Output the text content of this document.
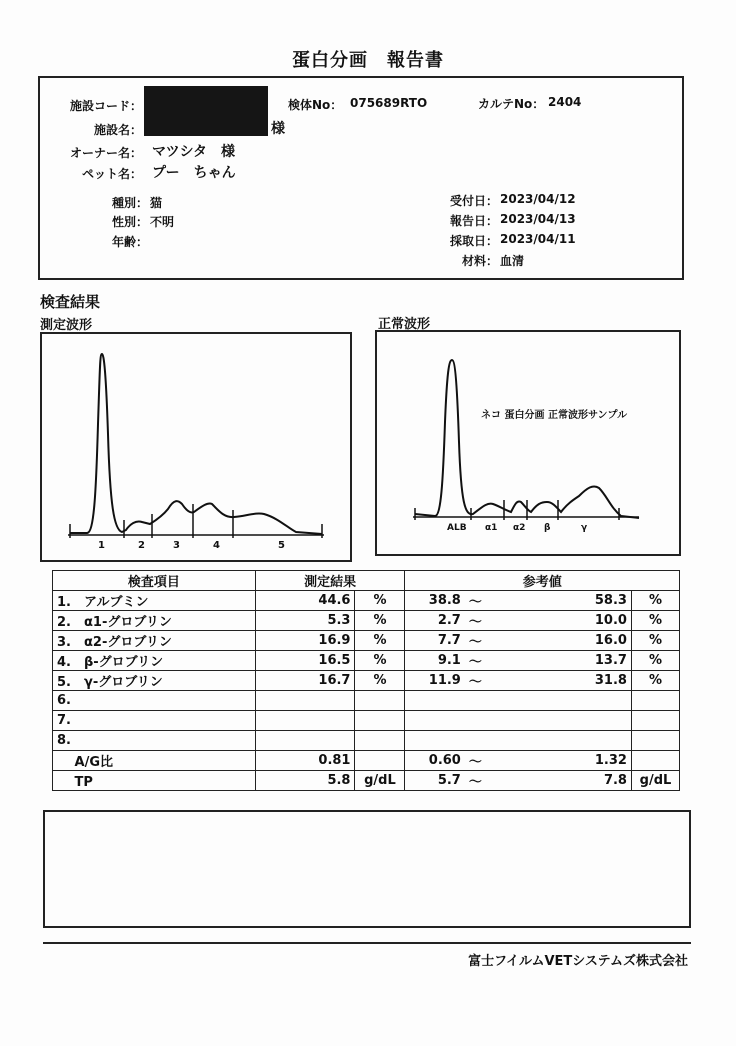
蛋白分画　報告書
施設コード：
施設名：	様
オーナー名： マツシタ　様
ペット名： プー　ちゃん
検体No： 075689RTO	カルテNo： 2404
種別： 猫
性別： 不明
年齢：
受付日： 2023/04/12
報告日： 2023/04/13
採取日： 2023/04/11
材料： 血清
検査結果
測定波形	正常波形
1	2	3	4	5
ALB α1 α2 β	γ
ネコ 蛋白分画 正常波形サンプル
検査項目	測定結果		参考値			
1.　アルブミン	44.6	%	38.8	～	58.3	%
2.　α1-グロブリン	5.3	%	2.7	～	10.0	%
3.　α2-グロブリン	16.9	%	7.7	～	16.0	%
4.　β-グロブリン	16.5	%	9.1	～	13.7	%
5.　γ-グロブリン	16.7	%	11.9	～	31.8	%
6.						
7.						
8.						
　 A/G比	0.81		0.60	～	1.32	
　 TP	5.8	g/dL	5.7	～	7.8	g/dL
富士フイルムVETシステムズ株式会社
